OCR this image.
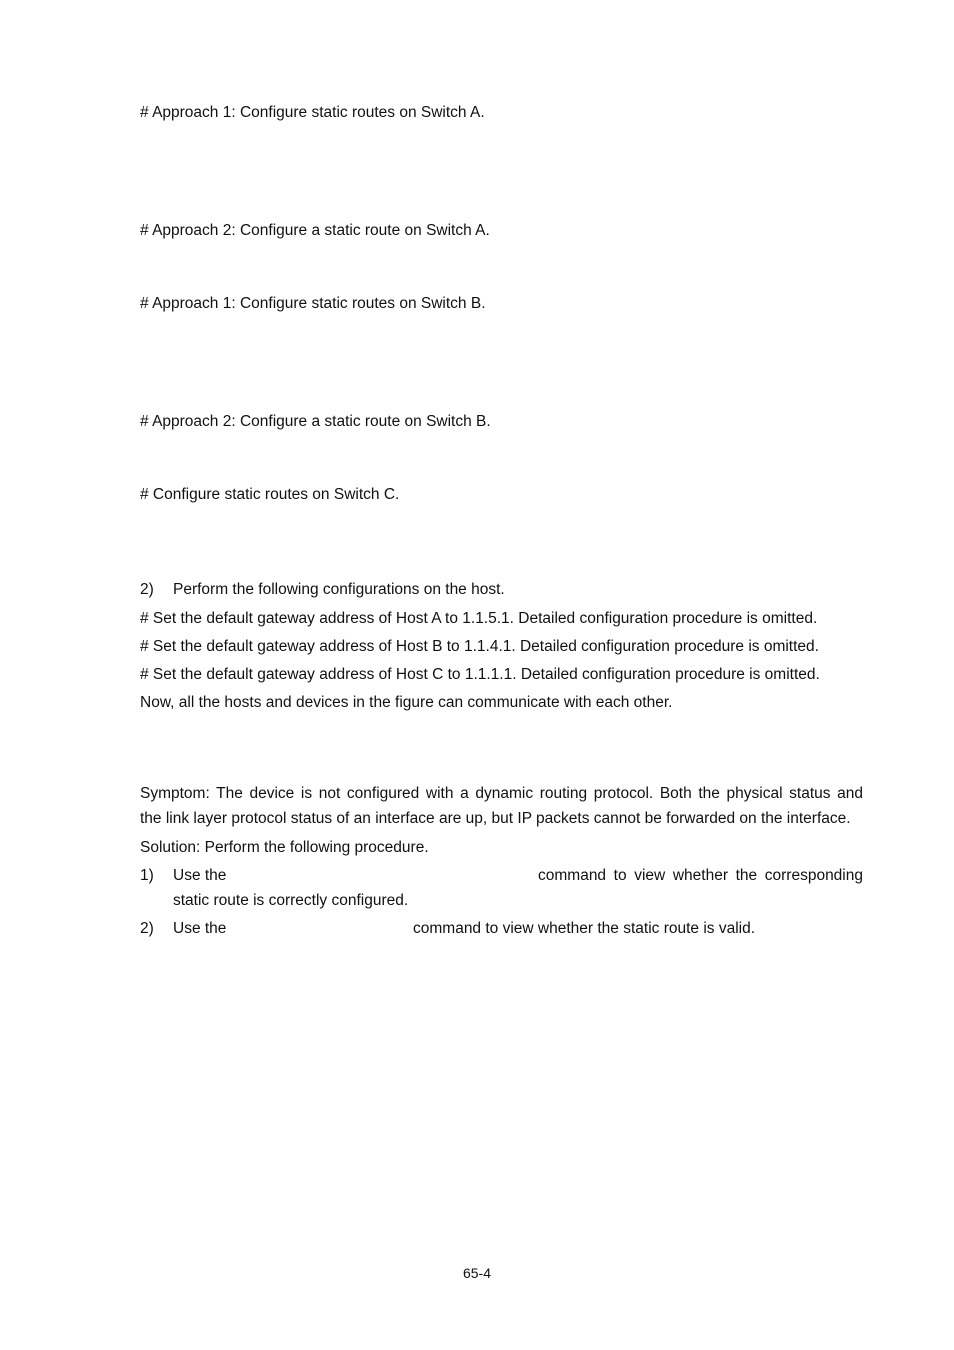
# Approach 1: Configure static routes on Switch A.
# Approach 2: Configure a static route on Switch A.
# Approach 1: Configure static routes on Switch B.
# Approach 2: Configure a static route on Switch B.
# Configure static routes on Switch C.
2) Perform the following configurations on the host.
# Set the default gateway address of Host A to 1.1.5.1. Detailed configuration procedure is omitted.
# Set the default gateway address of Host B to 1.1.4.1. Detailed configuration procedure is omitted.
# Set the default gateway address of Host C to 1.1.1.1. Detailed configuration procedure is omitted.
Now, all the hosts and devices in the figure can communicate with each other.
Symptom: The device is not configured with a dynamic routing protocol. Both the physical status and
the link layer protocol status of an interface are up, but IP packets cannot be forwarded on the interface.
Solution: Perform the following procedure.
1) Use the	command to view whether the corresponding
static route is correctly configured.
2) Use the	command to view whether the static route is valid.
65-4
